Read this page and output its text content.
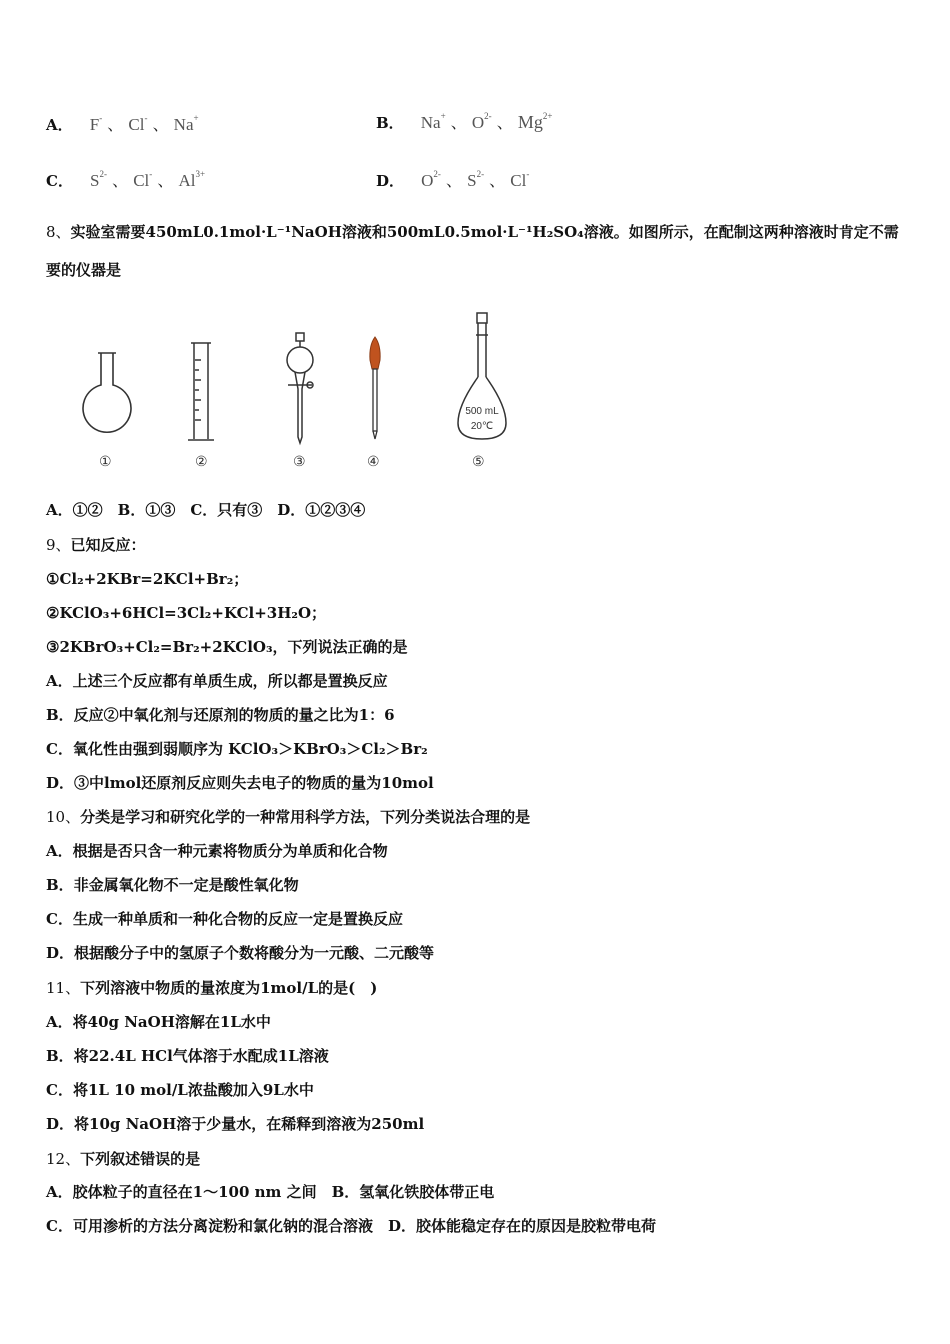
A． F- 、 Cl- 、 Na+	B． Na+ 、 $O^{2-}$ 、 $Mg^{2+}$
C． $S^{2-}$ 、 Cl- 、 $Al^{3+}$	D． $O^{2-}$ 、 $S^{2-}$ 、 Cl-
8、实验室需要450mL0.1mol·L⁻¹NaOH溶液和500mL0.5mol·L⁻¹H₂SO₄溶液。如图所示，在配制这两种溶液时肯定不需
要的仪器是
500 mL
20℃
①	②	③	④	⑤
A．①②　B．①③　C．只有③　D．①②③④
9、已知反应：
①Cl₂+2KBr=2KCl+Br₂；
②KClO₃+6HCl=3Cl₂+KCl+3H₂O；
③2KBrO₃+Cl₂=Br₂+2KClO₃，下列说法正确的是
A．上述三个反应都有单质生成，所以都是置换反应
B．反应②中氧化剂与还原剂的物质的量之比为1：6
C．氧化性由强到弱顺序为 KClO₃＞KBrO₃＞Cl₂＞Br₂
D．③中lmol还原剂反应则失去电子的物质的量为10mol
10、分类是学习和研究化学的一种常用科学方法，下列分类说法合理的是
A．根据是否只含一种元素将物质分为单质和化合物
B．非金属氧化物不一定是酸性氧化物
C．生成一种单质和一种化合物的反应一定是置换反应
D．根据酸分子中的氢原子个数将酸分为一元酸、二元酸等
11、下列溶液中物质的量浓度为1mol/L的是(　)
A．将40g NaOH溶解在1L水中
B．将22.4L HCl气体溶于水配成1L溶液
C．将1L 10 mol/L浓盐酸加入9L水中
D．将10g NaOH溶于少量水，在稀释到溶液为250ml
12、下列叙述错误的是
A．胶体粒子的直径在1～100 nm 之间　B．氢氧化铁胶体带正电
C．可用渗析的方法分离淀粉和氯化钠的混合溶液　D．胶体能稳定存在的原因是胶粒带电荷
